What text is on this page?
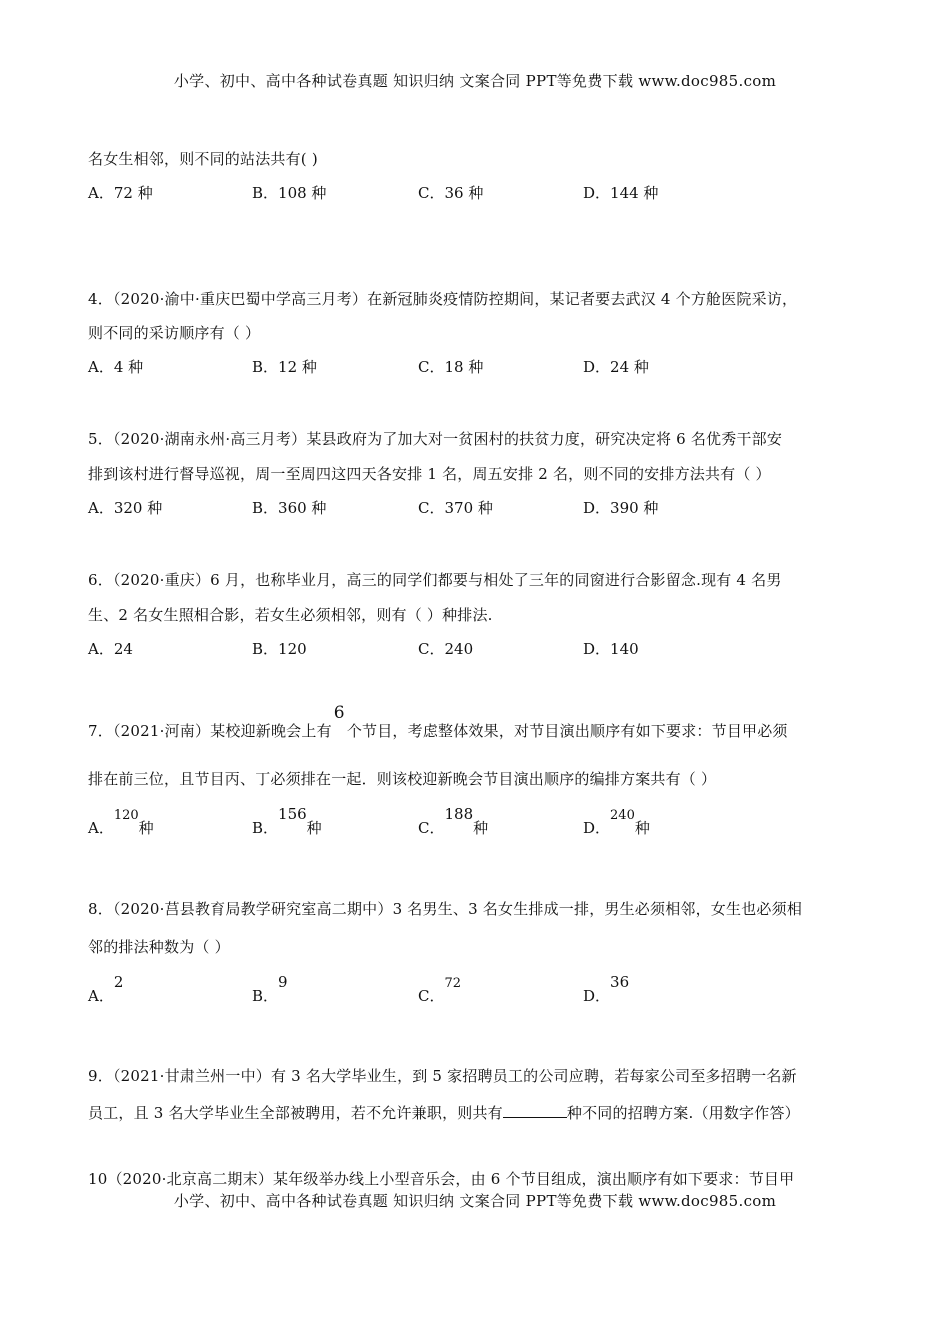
小学、初中、高中各种试卷真题 知识归纳 文案合同 PPT等免费下载 www.doc985.com
名女生相邻，则不同的站法共有( )
A．72 种	B．108 种	C．36 种	D．144 种
4．（2020·渝中·重庆巴蜀中学高三月考）在新冠肺炎疫情防控期间，某记者要去武汉 4 个方舱医院采访，
则不同的采访顺序有（ ）
A．4 种	B．12 种	C．18 种	D．24 种
5．（2020·湖南永州·高三月考）某县政府为了加大对一贫困村的扶贫力度，研究决定将 6 名优秀干部安
排到该村进行督导巡视，周一至周四这四天各安排 1 名，周五安排 2 名，则不同的安排方法共有（ ）
A．320 种	B．360 种	C．370 种	D．390 种
6．（2020·重庆）6 月，也称毕业月，高三的同学们都要与相处了三年的同窗进行合影留念.现有 4 名男
生、2 名女生照相合影，若女生必须相邻，则有（ ）种排法.
A．24	B．120	C．240	D．140
7．（2021·河南）某校迎新晚会上有6个节目，考虑整体效果，对节目演出顺序有如下要求：节目甲必须
排在前三位，且节目丙、丁必须排在一起．则该校迎新晚会节目演出顺序的编排方案共有（ ）
A．120种	B．156种	C．188种	D．240种
8．（2020·莒县教育局教学研究室高二期中）3 名男生、3 名女生排成一排，男生必须相邻，女生也必须相
邻的排法种数为（ ）
A．2
B．9
C．72
D．36
9．（2021·甘肃兰州一中）有 3 名大学毕业生，到 5 家招聘员工的公司应聘，若每家公司至多招聘一名新
员工，且 3 名大学毕业生全部被聘用，若不允许兼职，则共有	种不同的招聘方案.（用数字作答）
10（2020·北京高二期末）某年级举办线上小型音乐会，由 6 个节目组成，演出顺序有如下要求：节目甲
小学、初中、高中各种试卷真题 知识归纳 文案合同 PPT等免费下载 www.doc985.com
